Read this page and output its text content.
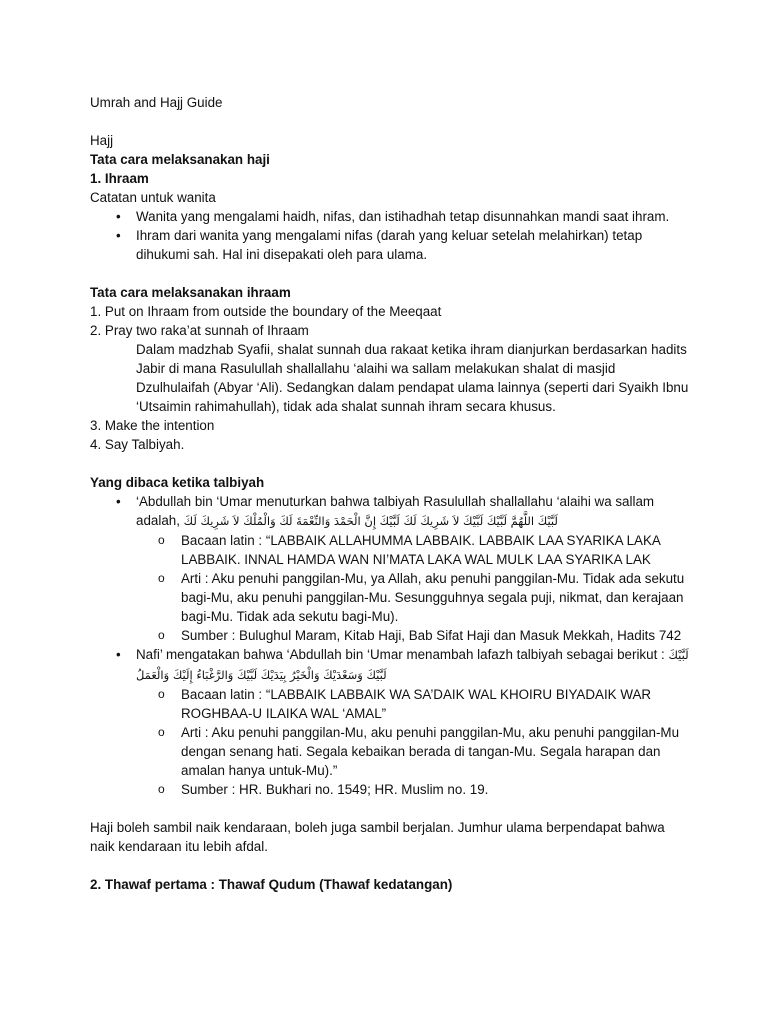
Umrah and Hajj Guide

Hajj

Tata cara melaksanakan haji

1. Ihraam

Catatan untuk wanita

• Wanita yang mengalami haidh, nifas, dan istihadhah tetap disunnahkan mandi saat ihram.
• Ihram dari wanita yang mengalami nifas (darah yang keluar setelah melahirkan) tetap dihukumi sah. Hal ini disepakati oleh para ulama.

Tata cara melaksanakan ihraam

1. Put on Ihraam from outside the boundary of the Meeqaat

2. Pray two raka’at sunnah of Ihraam

Dalam madzhab Syafii, shalat sunnah dua rakaat ketika ihram dianjurkan berdasarkan hadits Jabir di mana Rasulullah shallallahu ‘alaihi wa sallam melakukan shalat di masjid Dzulhulaifah (Abyar ‘Ali). Sedangkan dalam pendapat ulama lainnya (seperti dari Syaikh Ibnu ‘Utsaimin rahimahullah), tidak ada shalat sunnah ihram secara khusus.

3. Make the intention

4. Say Talbiyah.

Yang dibaca ketika talbiyah

• ‘Abdullah bin ‘Umar menuturkan bahwa talbiyah Rasulullah shallallahu ‘alaihi wa sallam adalah, لَبَّيْكَ اللَّهُمَّ لَبَّيْكَ لَبَّيْكَ لاَ شَرِيكَ لَكَ لَبَّيْكَ إِنَّ الْحَمْدَ وَالنِّعْمَةَ لَكَ وَالْمُلْكَ لاَ شَرِيكَ لَكَ
o Bacaan latin : “LABBAIK ALLAHUMMA LABBAIK. LABBAIK LAA SYARIKA LAKA LABBAIK. INNAL HAMDA WAN NI’MATA LAKA WAL MULK LAA SYARIKA LAK
o Arti : Aku penuhi panggilan-Mu, ya Allah, aku penuhi panggilan-Mu. Tidak ada sekutu bagi-Mu, aku penuhi panggilan-Mu. Sesungguhnya segala puji, nikmat, dan kerajaan bagi-Mu. Tidak ada sekutu bagi-Mu).
o Sumber : Bulughul Maram, Kitab Haji, Bab Sifat Haji dan Masuk Mekkah, Hadits 742
• Nafi’ mengatakan bahwa ‘Abdullah bin ‘Umar menambah lafazh talbiyah sebagai berikut : لَبَّيْكَ لَبَّيْكَ وَسَعْدَيْكَ وَالْخَيْرُ بِيَدَيْكَ لَبَّيْكَ وَالرَّغْبَاءُ إِلَيْكَ وَالْعَمَلُ
o Bacaan latin : “LABBAIK LABBAIK WA SA’DAIK WAL KHOIRU BIYADAIK WAR ROGHBAA-U ILAIKA WAL ‘AMAL”
o Arti : Aku penuhi panggilan-Mu, aku penuhi panggilan-Mu, aku penuhi panggilan-Mu dengan senang hati. Segala kebaikan berada di tangan-Mu. Segala harapan dan amalan hanya untuk-Mu).”
o Sumber : HR. Bukhari no. 1549; HR. Muslim no. 19.

Haji boleh sambil naik kendaraan, boleh juga sambil berjalan. Jumhur ulama berpendapat bahwa naik kendaraan itu lebih afdal.

2. Thawaf pertama : Thawaf Qudum (Thawaf kedatangan)
